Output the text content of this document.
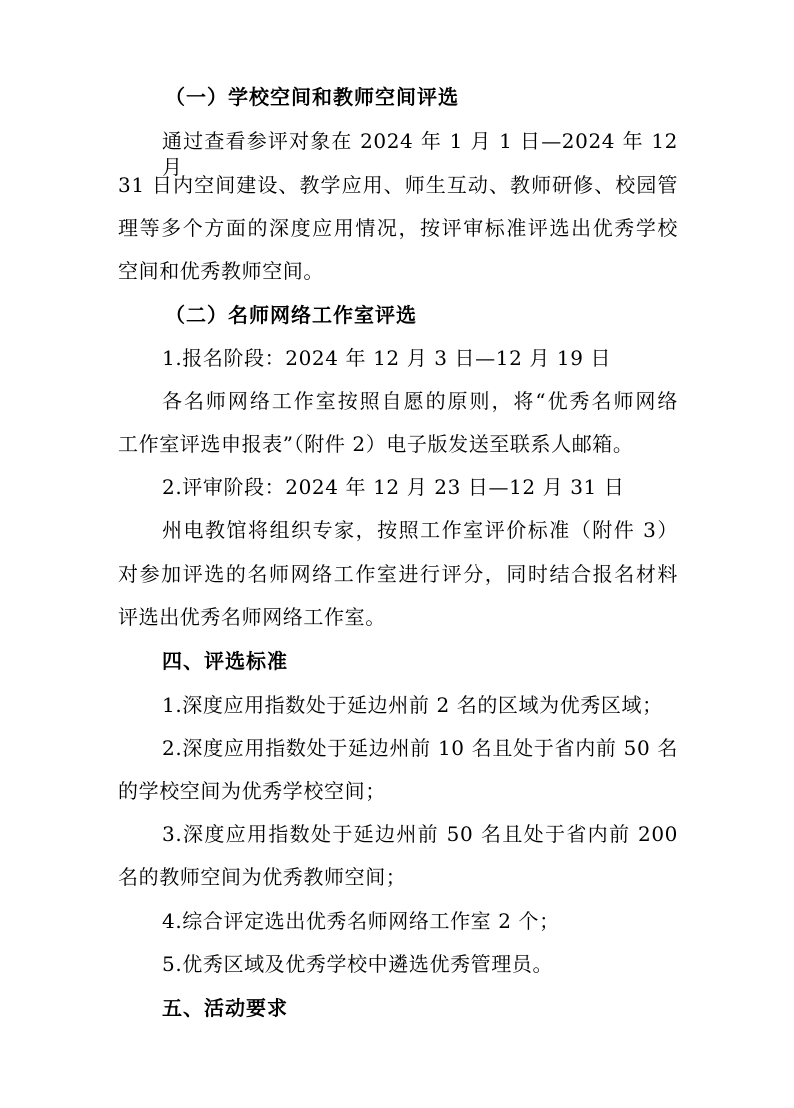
（一）学校空间和教师空间评选
通过查看参评对象在 2024 年 1 月 1 日—2024 年 12 月
31 日内空间建设、教学应用、师生互动、教师研修、校园管
理等多个方面的深度应用情况，按评审标准评选出优秀学校
空间和优秀教师空间。
（二）名师网络工作室评选
1.报名阶段：2024 年 12 月 3 日—12 月 19 日
各名师网络工作室按照自愿的原则，将“优秀名师网络
工作室评选申报表”（附件 2）电子版发送至联系人邮箱。
2.评审阶段：2024 年 12 月 23 日—12 月 31 日
州电教馆将组织专家，按照工作室评价标准（附件 3）
对参加评选的名师网络工作室进行评分，同时结合报名材料
评选出优秀名师网络工作室。
四、评选标准
1.深度应用指数处于延边州前 2 名的区域为优秀区域；
2.深度应用指数处于延边州前 10 名且处于省内前 50 名
的学校空间为优秀学校空间；
3.深度应用指数处于延边州前 50 名且处于省内前 200
名的教师空间为优秀教师空间；
4.综合评定选出优秀名师网络工作室 2 个；
5.优秀区域及优秀学校中遴选优秀管理员。
五、活动要求
